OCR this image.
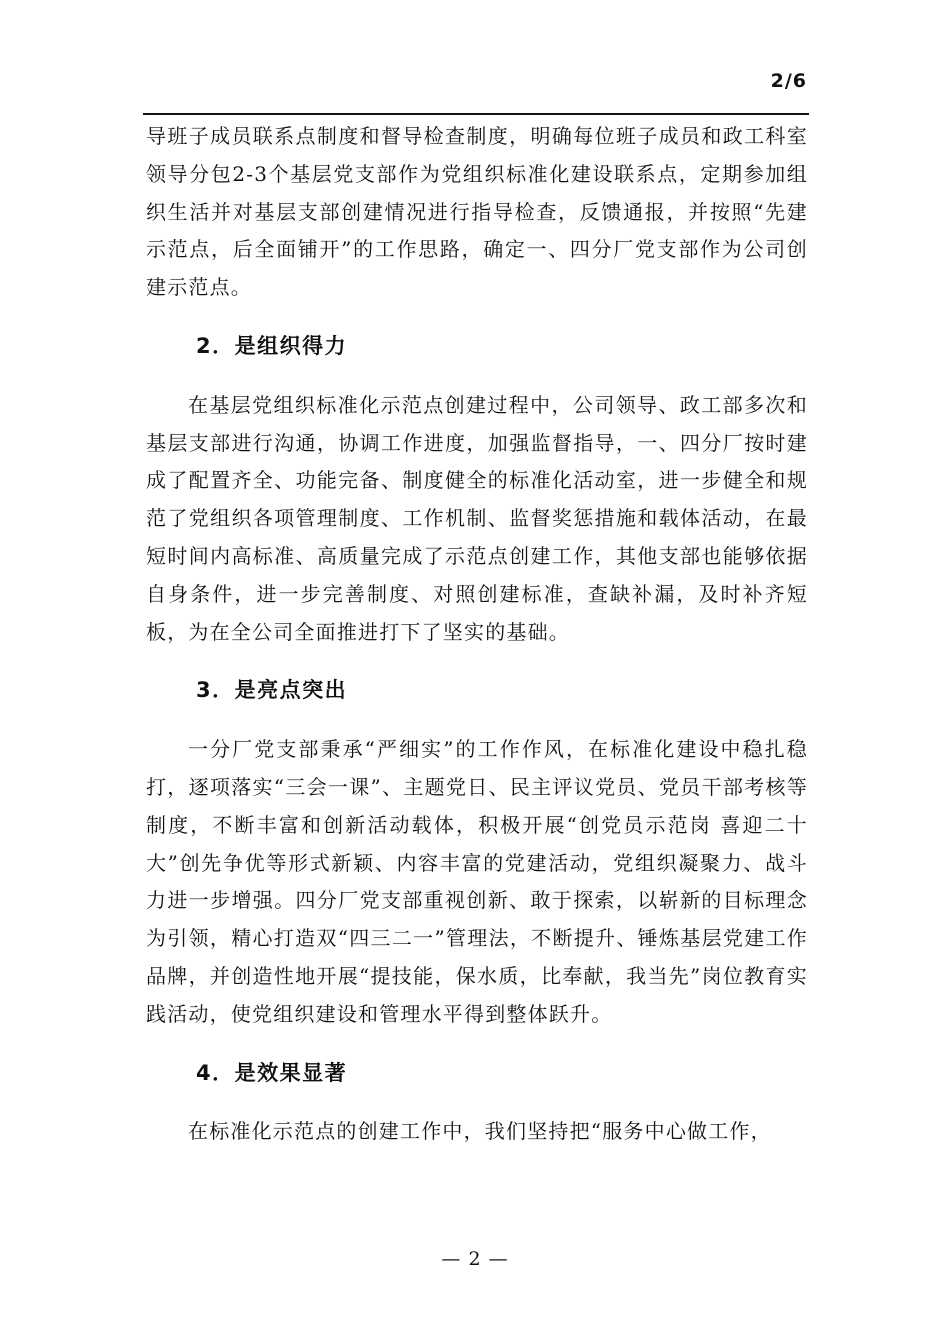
2/6

导班子成员联系点制度和督导检查制度，明确每位班子成员和政工科室领导分包2-3个基层党支部作为党组织标准化建设联系点，定期参加组织生活并对基层支部创建情况进行指导检查，反馈通报，并按照“先建示范点，后全面铺开”的工作思路，确定一、四分厂党支部作为公司创建示范点。

2．是组织得力

在基层党组织标准化示范点创建过程中，公司领导、政工部多次和基层支部进行沟通，协调工作进度，加强监督指导，一、四分厂按时建成了配置齐全、功能完备、制度健全的标准化活动室，进一步健全和规范了党组织各项管理制度、工作机制、监督奖惩措施和载体活动，在最短时间内高标准、高质量完成了示范点创建工作，其他支部也能够依据自身条件，进一步完善制度、对照创建标准，查缺补漏，及时补齐短板，为在全公司全面推进打下了坚实的基础。

3．是亮点突出

一分厂党支部秉承“严细实”的工作作风，在标准化建设中稳扎稳打，逐项落实“三会一课”、主题党日、民主评议党员、党员干部考核等制度，不断丰富和创新活动载体，积极开展“创党员示范岗 喜迎二十大”创先争优等形式新颖、内容丰富的党建活动，党组织凝聚力、战斗力进一步增强。四分厂党支部重视创新、敢于探索，以崭新的目标理念为引领，精心打造双“四三二一”管理法，不断提升、锤炼基层党建工作品牌，并创造性地开展“提技能，保水质，比奉献，我当先”岗位教育实践活动，使党组织建设和管理水平得到整体跃升。

4．是效果显著

在标准化示范点的创建工作中，我们坚持把“服务中心做工作，

— 2 —
